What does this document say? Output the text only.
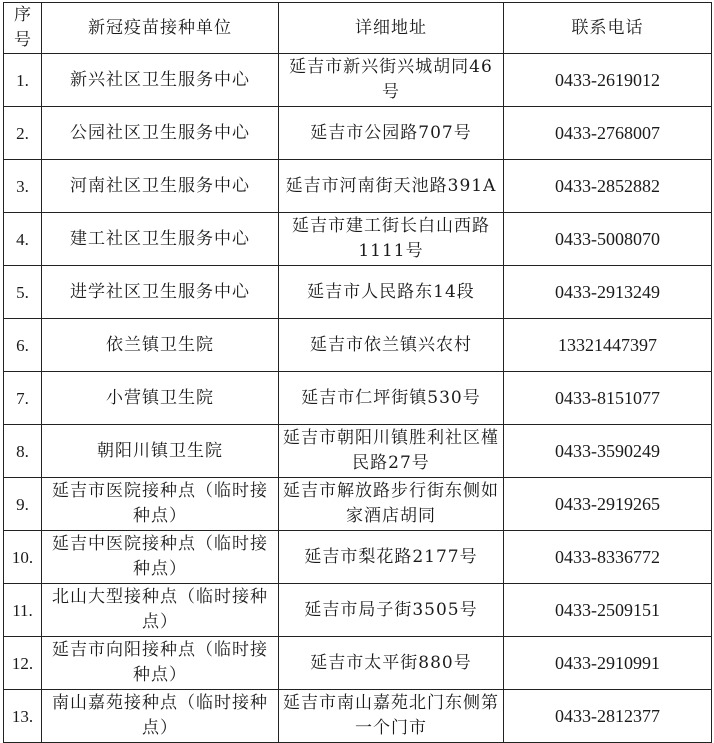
序号	新冠疫苗接种单位	详细地址	联系电话
1.	新兴社区卫生服务中心	延吉市新兴街兴城胡同46号	0433-2619012
2.	公园社区卫生服务中心	延吉市公园路707号	0433-2768007
3.	河南社区卫生服务中心	延吉市河南街天池路391A	0433-2852882
4.	建工社区卫生服务中心	延吉市建工街长白山西路1111号	0433-5008070
5.	进学社区卫生服务中心	延吉市人民路东14段	0433-2913249
6.	依兰镇卫生院	延吉市依兰镇兴农村	13321447397
7.	小营镇卫生院	延吉市仁坪街镇530号	0433-8151077
8.	朝阳川镇卫生院	延吉市朝阳川镇胜利社区槿民路27号	0433-3590249
9.	延吉市医院接种点（临时接种点）	延吉市解放路步行街东侧如家酒店胡同	0433-2919265
10.	延吉中医院接种点（临时接种点）	延吉市梨花路2177号	0433-8336772
11.	北山大型接种点（临时接种点）	延吉市局子街3505号	0433-2509151
12.	延吉市向阳接种点（临时接种点）	延吉市太平街880号	0433-2910991
13.	南山嘉苑接种点（临时接种点）	延吉市南山嘉苑北门东侧第一个门市	0433-2812377
